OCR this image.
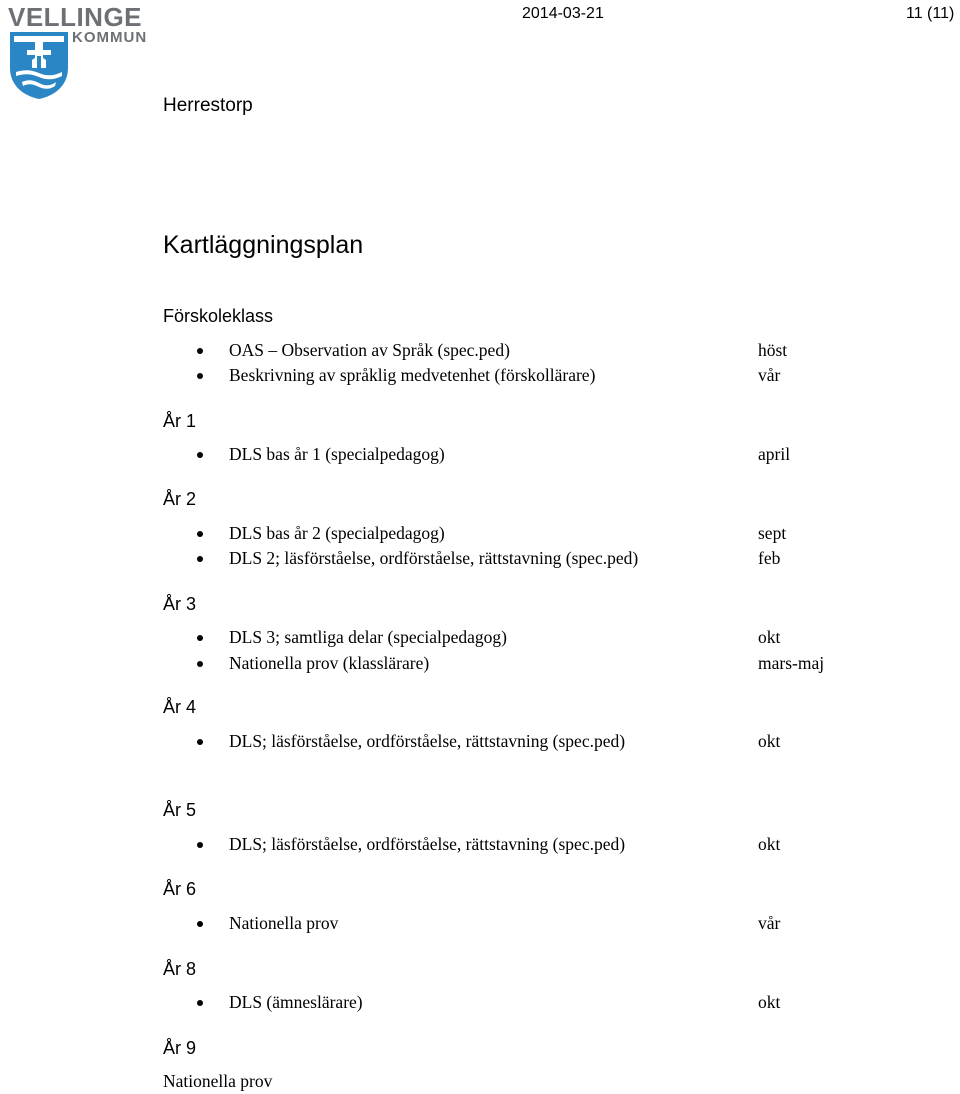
VELLINGE
KOMMUN
2014-03-21	11 (11)
Herrestorp
Kartläggningsplan
Förskoleklass
OAS – Observation av Språk (spec.ped)	höst
Beskrivning av språklig medvetenhet (förskollärare)	vår
År 1
DLS bas år 1 (specialpedagog)	april
År 2
DLS bas år 2 (specialpedagog)	sept
DLS 2; läsförståelse, ordförståelse, rättstavning (spec.ped)	feb
År 3
DLS 3; samtliga delar (specialpedagog)	okt
Nationella prov (klasslärare)	mars-maj
År 4
DLS; läsförståelse, ordförståelse, rättstavning (spec.ped)	okt
År 5
DLS; läsförståelse, ordförståelse, rättstavning (spec.ped)	okt
År 6
Nationella prov	vår
År 8
DLS (ämneslärare)	okt
År 9
Nationella prov
